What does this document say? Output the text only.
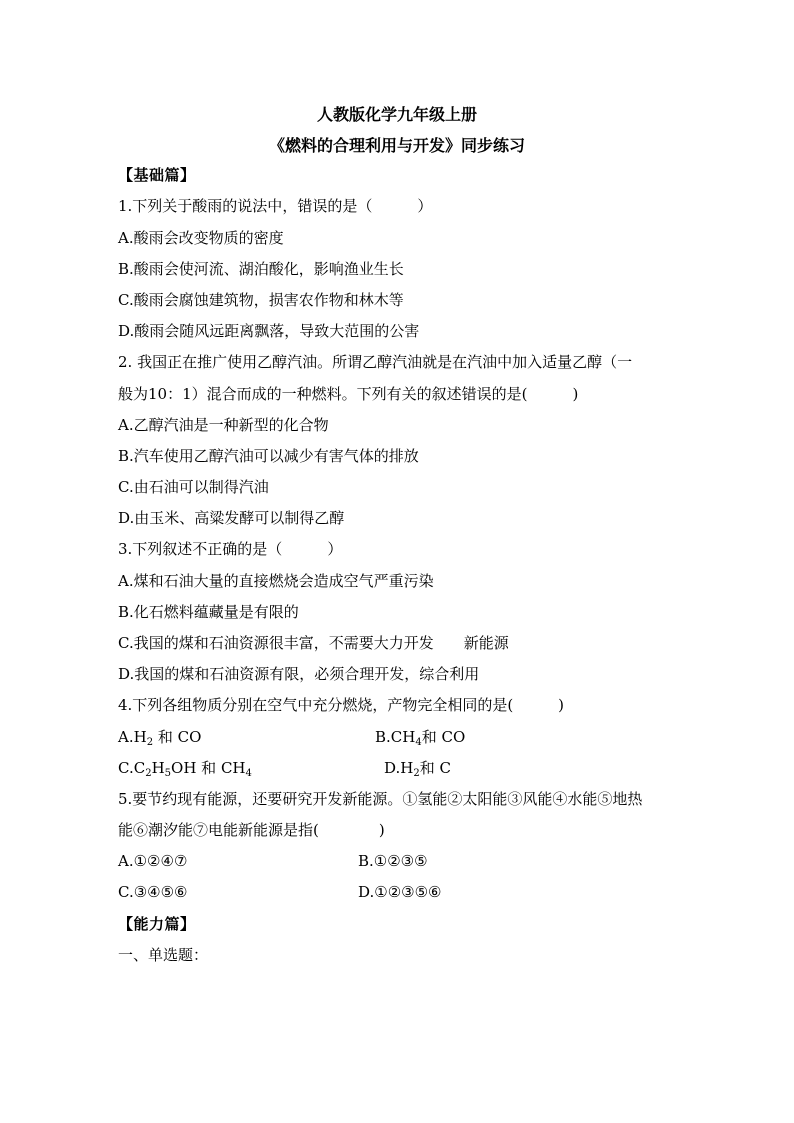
人教版化学九年级上册
《燃料的合理利用与开发》同步练习
【基础篇】
1.下列关于酸雨的说法中，错误的是（　　　）
A.酸雨会改变物质的密度
B.酸雨会使河流、湖泊酸化，影响渔业生长
C.酸雨会腐蚀建筑物，损害农作物和林木等
D.酸雨会随风远距离飘落，导致大范围的公害
2. 我国正在推广使用乙醇汽油。所谓乙醇汽油就是在汽油中加入适量乙醇（一
般为10：1）混合而成的一种燃料。下列有关的叙述错误的是(　　　)
A.乙醇汽油是一种新型的化合物
B.汽车使用乙醇汽油可以减少有害气体的排放
C.由石油可以制得汽油
D.由玉米、高粱发酵可以制得乙醇
3.下列叙述不正确的是（　　　）
A.煤和石油大量的直接燃烧会造成空气严重污染
B.化石燃料蕴藏量是有限的
C.我国的煤和石油资源很丰富，不需要大力开发　　新能源
D.我国的煤和石油资源有限，必须合理开发，综合利用
4.下列各组物质分别在空气中充分燃烧，产物完全相同的是(　　　)
$A.H_2$ 和 CO	$B.CH_4$和 CO
$C.C_2H_5OH$ 和 $CH_4$	$D.H_2$和 C
5.要节约现有能源，还要研究开发新能源。①氢能②太阳能③风能④水能⑤地热
能⑥潮汐能⑦电能新能源是指(　　　　)
A.①②④⑦	B.①②③⑤
C.③④⑤⑥	D.①②③⑤⑥
【能力篇】
一、单选题：
